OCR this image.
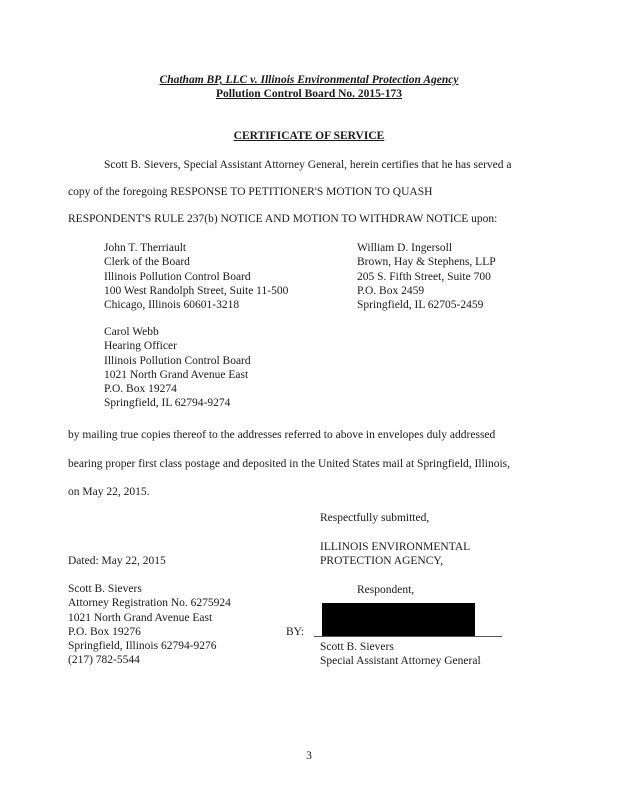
Chatham BP, LLC v. Illinois Environmental Protection Agency
Pollution Control Board No. 2015-173
CERTIFICATE OF SERVICE
Scott B. Sievers, Special Assistant Attorney General, herein certifies that he has served a
copy of the foregoing RESPONSE TO PETITIONER'S MOTION TO QUASH
RESPONDENT'S RULE 237(b) NOTICE AND MOTION TO WITHDRAW NOTICE upon:
John T. Therriault
Clerk of the Board
Illinois Pollution Control Board
100 West Randolph Street, Suite 11-500
Chicago, Illinois 60601-3218
William D. Ingersoll
Brown, Hay & Stephens, LLP
205 S. Fifth Street, Suite 700
P.O. Box 2459
Springfield, IL 62705-2459
Carol Webb
Hearing Officer
Illinois Pollution Control Board
1021 North Grand Avenue East
P.O. Box 19274
Springfield, IL 62794-9274
by mailing true copies thereof to the addresses referred to above in envelopes duly addressed
bearing proper first class postage and deposited in the United States mail at Springfield, Illinois,
on May 22, 2015.
Respectfully submitted,
ILLINOIS ENVIRONMENTAL
PROTECTION AGENCY,
Dated: May 22, 2015
Respondent,
Scott B. Sievers
Attorney Registration No. 6275924
1021 North Grand Avenue East
P.O. Box 19276
Springfield, Illinois 62794-9276
(217) 782-5544
BY:
Scott B. Sievers
Special Assistant Attorney General
3
